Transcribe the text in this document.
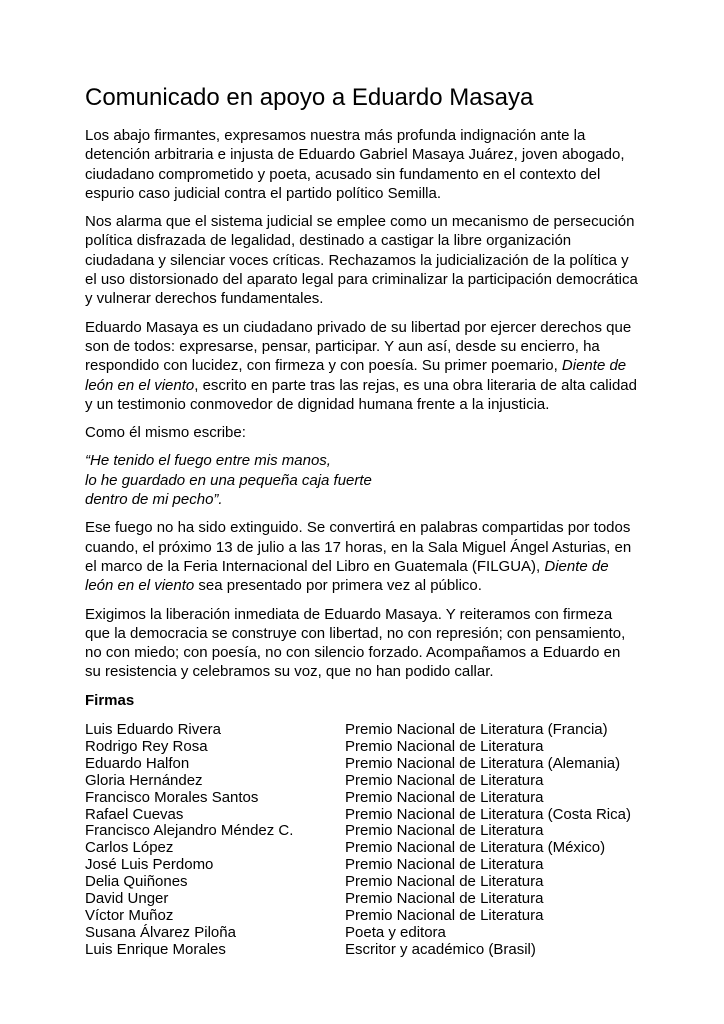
Comunicado en apoyo a Eduardo Masaya

Los abajo firmantes, expresamos nuestra más profunda indignación ante la detención arbitraria e injusta de Eduardo Gabriel Masaya Juárez, joven abogado, ciudadano comprometido y poeta, acusado sin fundamento en el contexto del espurio caso judicial contra el partido político Semilla.

Nos alarma que el sistema judicial se emplee como un mecanismo de persecución política disfrazada de legalidad, destinado a castigar la libre organización ciudadana y silenciar voces críticas. Rechazamos la judicialización de la política y el uso distorsionado del aparato legal para criminalizar la participación democrática y vulnerar derechos fundamentales.

Eduardo Masaya es un ciudadano privado de su libertad por ejercer derechos que son de todos: expresarse, pensar, participar. Y aun así, desde su encierro, ha respondido con lucidez, con firmeza y con poesía. Su primer poemario, Diente de león en el viento, escrito en parte tras las rejas, es una obra literaria de alta calidad y un testimonio conmovedor de dignidad humana frente a la injusticia.

Como él mismo escribe:

“He tenido el fuego entre mis manos,
lo he guardado en una pequeña caja fuerte
dentro de mi pecho”.

Ese fuego no ha sido extinguido. Se convertirá en palabras compartidas por todos cuando, el próximo 13 de julio a las 17 horas, en la Sala Miguel Ángel Asturias, en el marco de la Feria Internacional del Libro en Guatemala (FILGUA), Diente de león en el viento sea presentado por primera vez al público.

Exigimos la liberación inmediata de Eduardo Masaya. Y reiteramos con firmeza que la democracia se construye con libertad, no con represión; con pensamiento, no con miedo; con poesía, no con silencio forzado. Acompañamos a Eduardo en su resistencia y celebramos su voz, que no han podido callar.

Firmas

Luis Eduardo Rivera	Premio Nacional de Literatura (Francia)
Rodrigo Rey Rosa	Premio Nacional de Literatura
Eduardo Halfon	Premio Nacional de Literatura (Alemania)
Gloria Hernández	Premio Nacional de Literatura
Francisco Morales Santos	Premio Nacional de Literatura
Rafael Cuevas	Premio Nacional de Literatura (Costa Rica)
Francisco Alejandro Méndez C.	Premio Nacional de Literatura
Carlos López	Premio Nacional de Literatura (México)
José Luis Perdomo	Premio Nacional de Literatura
Delia Quiñones	Premio Nacional de Literatura
David Unger	Premio Nacional de Literatura
Víctor Muñoz	Premio Nacional de Literatura
Susana Álvarez Piloña	Poeta y editora
Luis Enrique Morales	Escritor y académico (Brasil)
